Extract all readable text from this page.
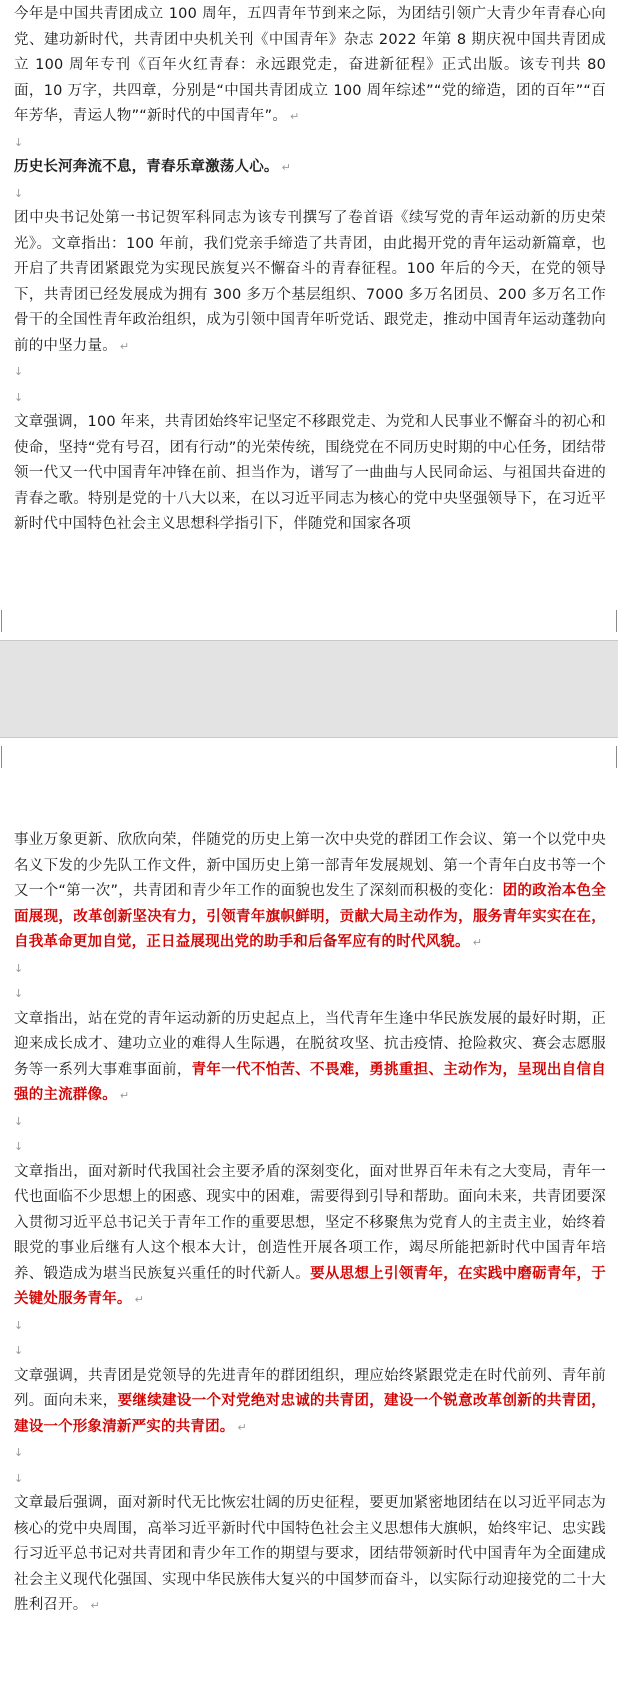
今年是中国共青团成立 100 周年，五四青年节到来之际，为团结引领广大青少年青春心向党、建功新时代，共青团中央机关刊《中国青年》杂志 2022 年第 8 期庆祝中国共青团成立 100 周年专刊《百年火红青春：永远跟党走，奋进新征程》正式出版。该专刊共 80 面，10 万字，共四章，分别是“中国共青团成立 100 周年综述”“党的缔造，团的百年”“百年芳华，青运人物”“新时代的中国青年”。 ↵

↓

历史长河奔流不息，青春乐章激荡人心。 ↵

↓

团中央书记处第一书记贺军科同志为该专刊撰写了卷首语《续写党的青年运动新的历史荣光》。文章指出：100 年前，我们党亲手缔造了共青团，由此揭开党的青年运动新篇章，也开启了共青团紧跟党为实现民族复兴不懈奋斗的青春征程。100 年后的今天，在党的领导下，共青团已经发展成为拥有 300 多万个基层组织、7000 多万名团员、200 多万名工作骨干的全国性青年政治组织，成为引领中国青年听党话、跟党走，推动中国青年运动蓬勃向前的中坚力量。 ↵

↓
↓

文章强调，100 年来，共青团始终牢记坚定不移跟党走、为党和人民事业不懈奋斗的初心和使命，坚持“党有号召，团有行动”的光荣传统，围绕党在不同历史时期的中心任务，团结带领一代又一代中国青年冲锋在前、担当作为，谱写了一曲曲与人民同命运、与祖国共奋进的青春之歌。特别是党的十八大以来，在以习近平同志为核心的党中央坚强领导下，在习近平新时代中国特色社会主义思想科学指引下，伴随党和国家各项

事业万象更新、欣欣向荣，伴随党的历史上第一次中央党的群团工作会议、第一个以党中央名义下发的少先队工作文件，新中国历史上第一部青年发展规划、第一个青年白皮书等一个又一个“第一次”，共青团和青少年工作的面貌也发生了深刻而积极的变化：团的政治本色全面展现，改革创新坚决有力，引领青年旗帜鲜明，贡献大局主动作为，服务青年实实在在，自我革命更加自觉，正日益展现出党的助手和后备军应有的时代风貌。 ↵

↓
↓

文章指出，站在党的青年运动新的历史起点上，当代青年生逢中华民族发展的最好时期，正迎来成长成才、建功立业的难得人生际遇，在脱贫攻坚、抗击疫情、抢险救灾、赛会志愿服务等一系列大事难事面前，青年一代不怕苦、不畏难，勇挑重担、主动作为，呈现出自信自强的主流群像。 ↵

↓
↓

文章指出，面对新时代我国社会主要矛盾的深刻变化，面对世界百年未有之大变局，青年一代也面临不少思想上的困惑、现实中的困难，需要得到引导和帮助。面向未来，共青团要深入贯彻习近平总书记关于青年工作的重要思想，坚定不移聚焦为党育人的主责主业，始终着眼党的事业后继有人这个根本大计，创造性开展各项工作，竭尽所能把新时代中国青年培养、锻造成为堪当民族复兴重任的时代新人。要从思想上引领青年，在实践中磨砺青年，于关键处服务青年。 ↵

↓
↓

文章强调，共青团是党领导的先进青年的群团组织，理应始终紧跟党走在时代前列、青年前列。面向未来，要继续建设一个对党绝对忠诚的共青团，建设一个锐意改革创新的共青团，建设一个形象清新严实的共青团。 ↵

↓
↓

文章最后强调，面对新时代无比恢宏壮阔的历史征程，要更加紧密地团结在以习近平同志为核心的党中央周围，高举习近平新时代中国特色社会主义思想伟大旗帜，始终牢记、忠实践行习近平总书记对共青团和青少年工作的期望与要求，团结带领新时代中国青年为全面建成社会主义现代化强国、实现中华民族伟大复兴的中国梦而奋斗，以实际行动迎接党的二十大胜利召开。 ↵
